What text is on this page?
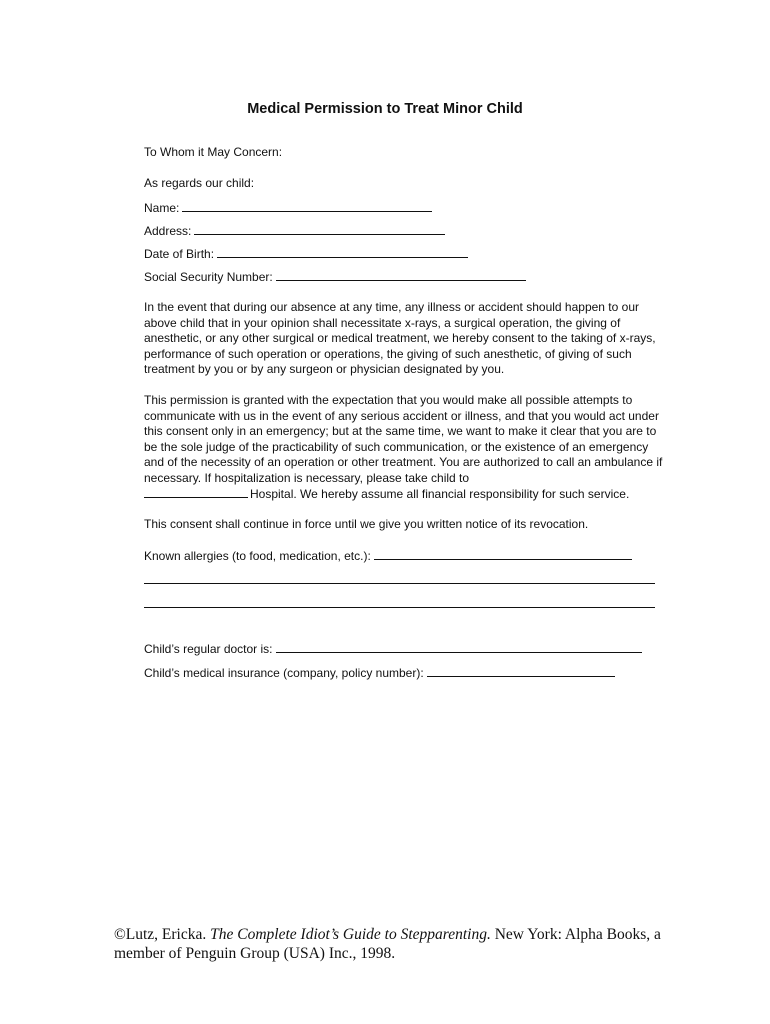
Medical Permission to Treat Minor Child
To Whom it May Concern:
As regards our child:
Name:
Address:
Date of Birth:
Social Security Number:

In the event that during our absence at any time, any illness or accident should happen to our above child that in your opinion shall necessitate x-rays, a surgical operation, the giving of anesthetic, or any other surgical or medical treatment, we hereby consent to the taking of x-rays, performance of such operation or operations, the giving of such anesthetic, of giving of such treatment by you or by any surgeon or physician designated by you.

This permission is granted with the expectation that you would make all possible attempts to communicate with us in the event of any serious accident or illness, and that you would act under this consent only in an emergency; but at the same time, we want to make it clear that you are to be the sole judge of the practicability of such communication, or the existence of an emergency and of the necessity of an operation or other treatment. You are authorized to call an ambulance if necessary. If hospitalization is necessary, please take child to
Hospital. We hereby assume all financial responsibility for such service.

This consent shall continue in force until we give you written notice of its revocation.
Known allergies (to food, medication, etc.):
Child’s regular doctor is:
Child’s medical insurance (company, policy number):
©Lutz, Ericka. The Complete Idiot’s Guide to Stepparenting. New York: Alpha Books, a member of Penguin Group (USA) Inc., 1998.
